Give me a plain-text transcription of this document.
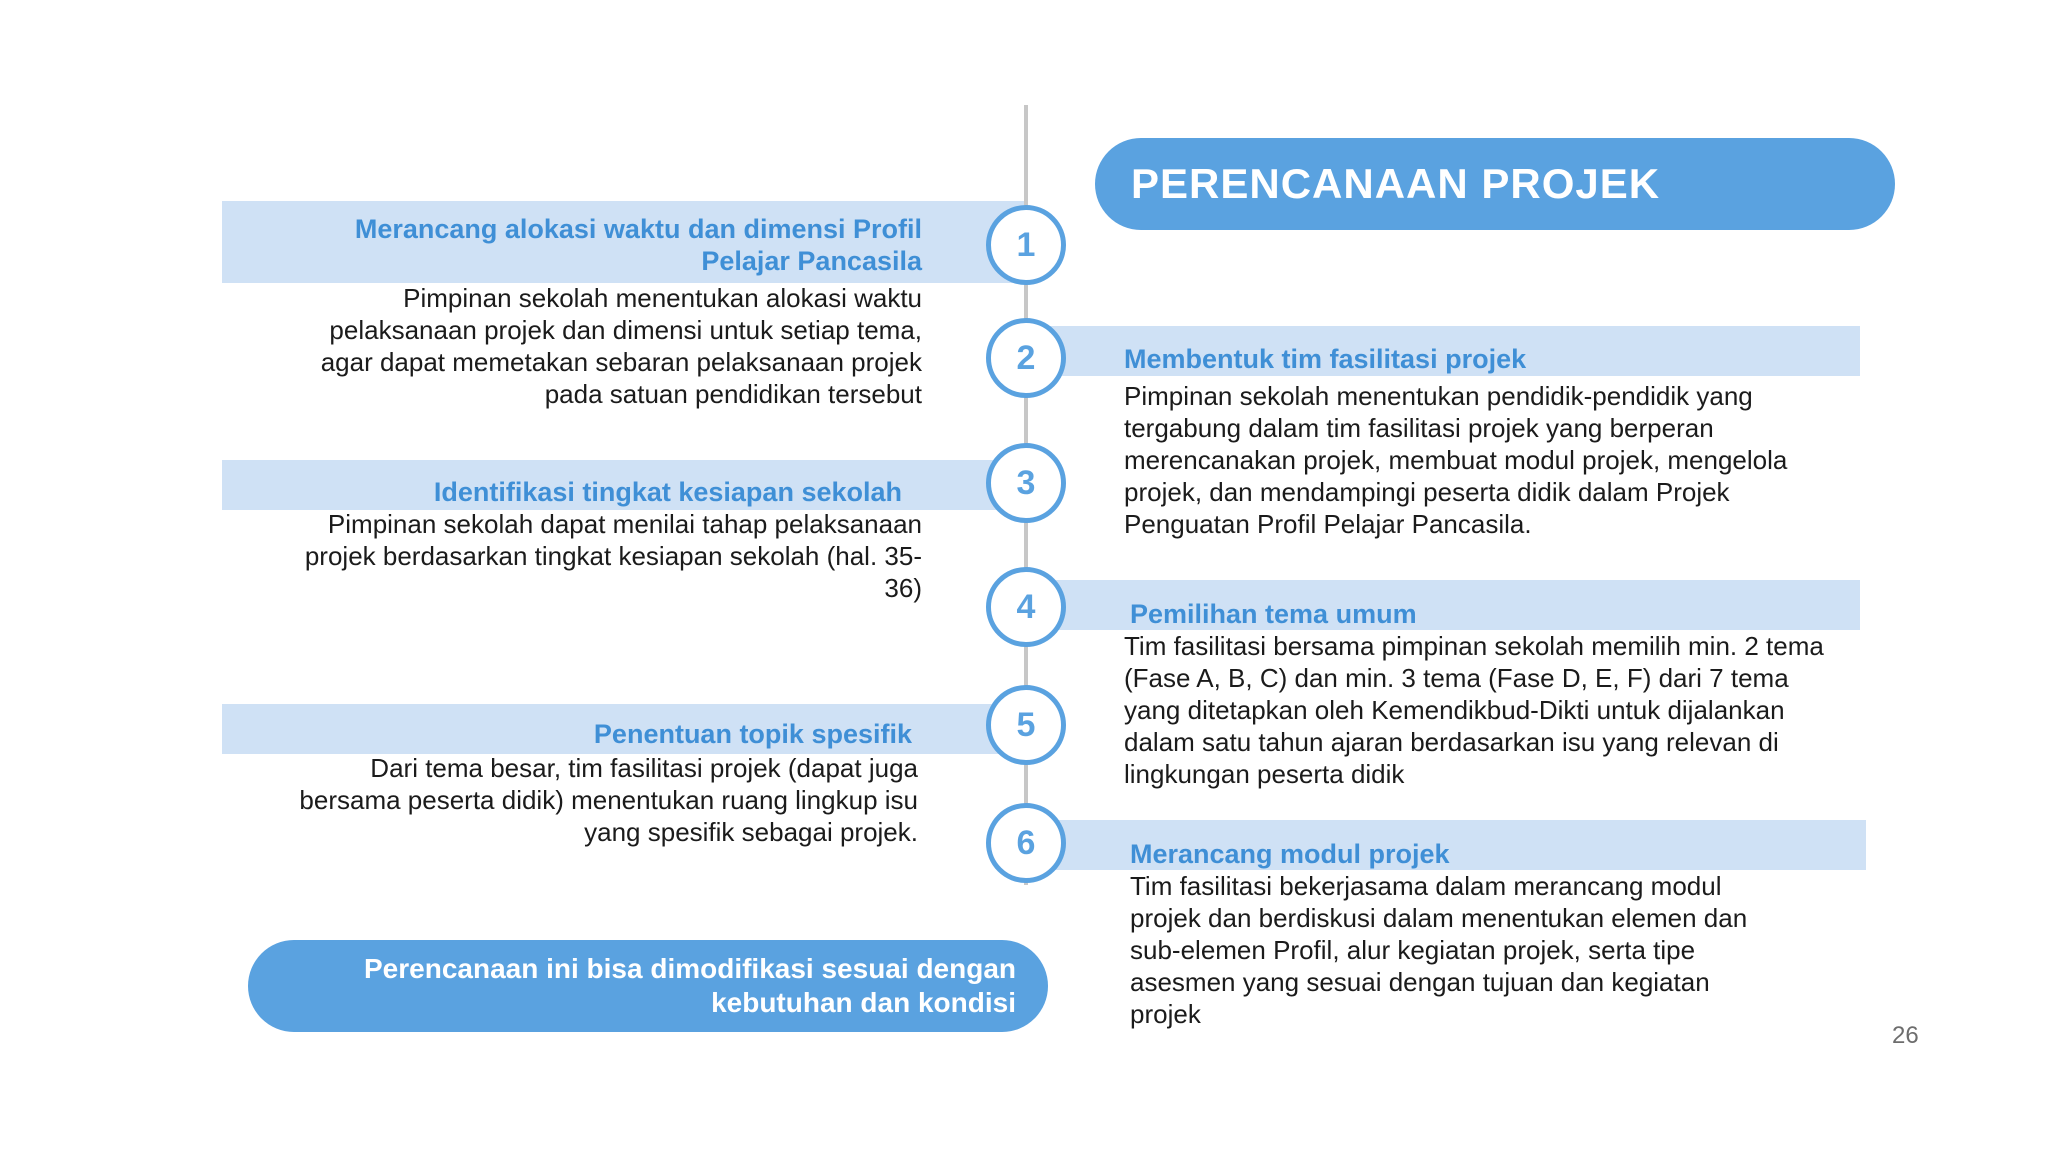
PERENCANAAN PROJEK
Merancang alokasi waktu dan dimensi Profil
Pelajar Pancasila
Pimpinan sekolah menentukan alokasi waktu pelaksanaan projek dan dimensi untuk setiap tema, agar dapat memetakan sebaran pelaksanaan projek pada satuan pendidikan tersebut
1
Membentuk tim fasilitasi projek
Pimpinan sekolah menentukan pendidik-pendidik yang tergabung dalam tim fasilitasi projek yang berperan merencanakan projek, membuat modul projek, mengelola projek, dan mendampingi peserta didik dalam Projek Penguatan Profil Pelajar Pancasila.
2
Identifikasi tingkat kesiapan sekolah
Pimpinan sekolah dapat menilai tahap pelaksanaan projek berdasarkan tingkat kesiapan sekolah (hal. 35-36)
3
Pemilihan tema umum
Tim fasilitasi bersama pimpinan sekolah memilih min. 2 tema (Fase A, B, C) dan min. 3 tema (Fase D, E, F) dari 7 tema yang ditetapkan oleh Kemendikbud-Dikti untuk dijalankan dalam satu tahun ajaran berdasarkan isu yang relevan di lingkungan peserta didik
4
Penentuan topik spesifik
Dari tema besar, tim fasilitasi projek (dapat juga bersama peserta didik) menentukan ruang lingkup isu yang spesifik sebagai projek.
5
Merancang modul projek
Tim fasilitasi bekerjasama dalam merancang modul projek dan berdiskusi dalam menentukan elemen dan sub-elemen Profil, alur kegiatan projek, serta tipe asesmen yang sesuai dengan tujuan dan kegiatan projek
6
Perencanaan ini bisa dimodifikasi sesuai dengan
kebutuhan dan kondisi
26
